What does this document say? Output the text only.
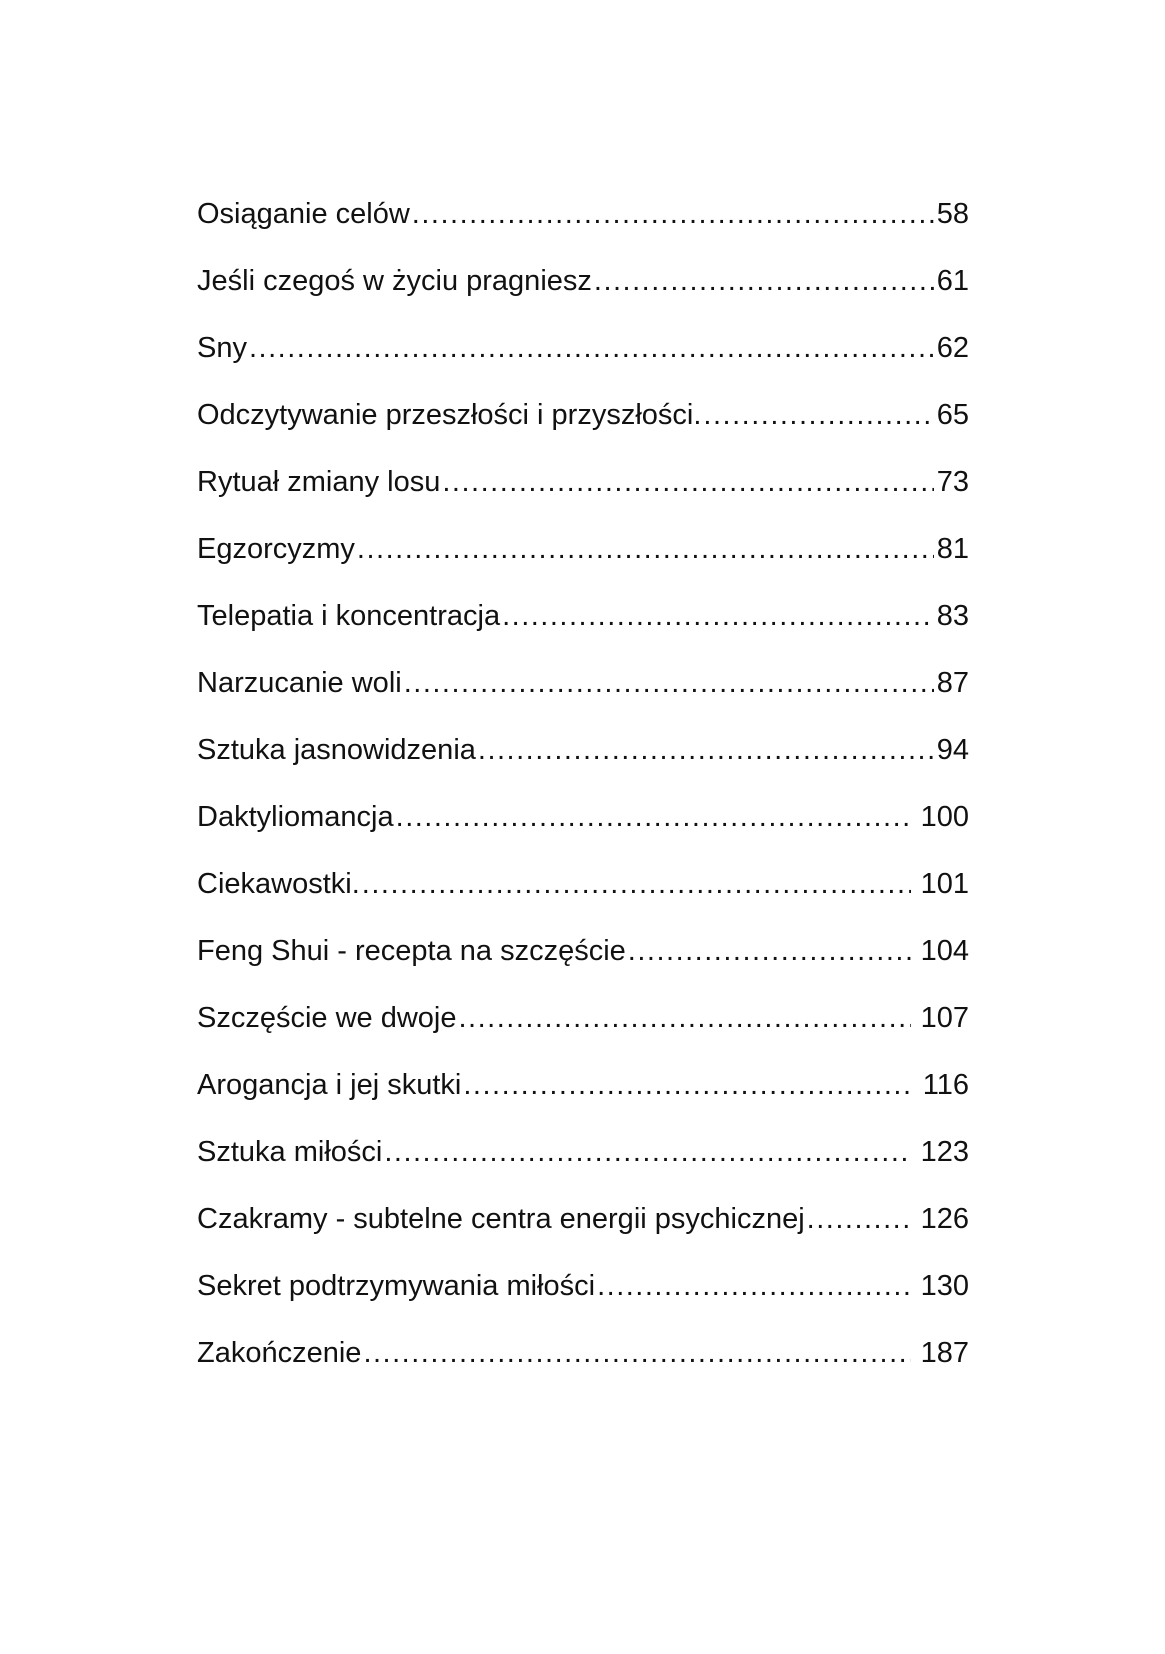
Osiąganie celów .....	58
Jeśli czegoś w życiu pragniesz .....	61
Sny .....	62
Odczytywanie przeszłości i przyszłości. .....	65
Rytuał zmiany losu .....	73
Egzorcyzmy .....	81
Telepatia i koncentracja .....	83
Narzucanie woli .....	87
Sztuka jasnowidzenia .....	94
Daktyliomancja .....	100
Ciekawostki. .....	101
Feng Shui - recepta na szczęście .....	104
Szczęście we dwoje .....	107
Arogancja i jej skutki .....	116
Sztuka miłości .....	123
Czakramy - subtelne centra energii psychicznej .....	126
Sekret podtrzymywania miłości .....	130
Zakończenie .....	187
